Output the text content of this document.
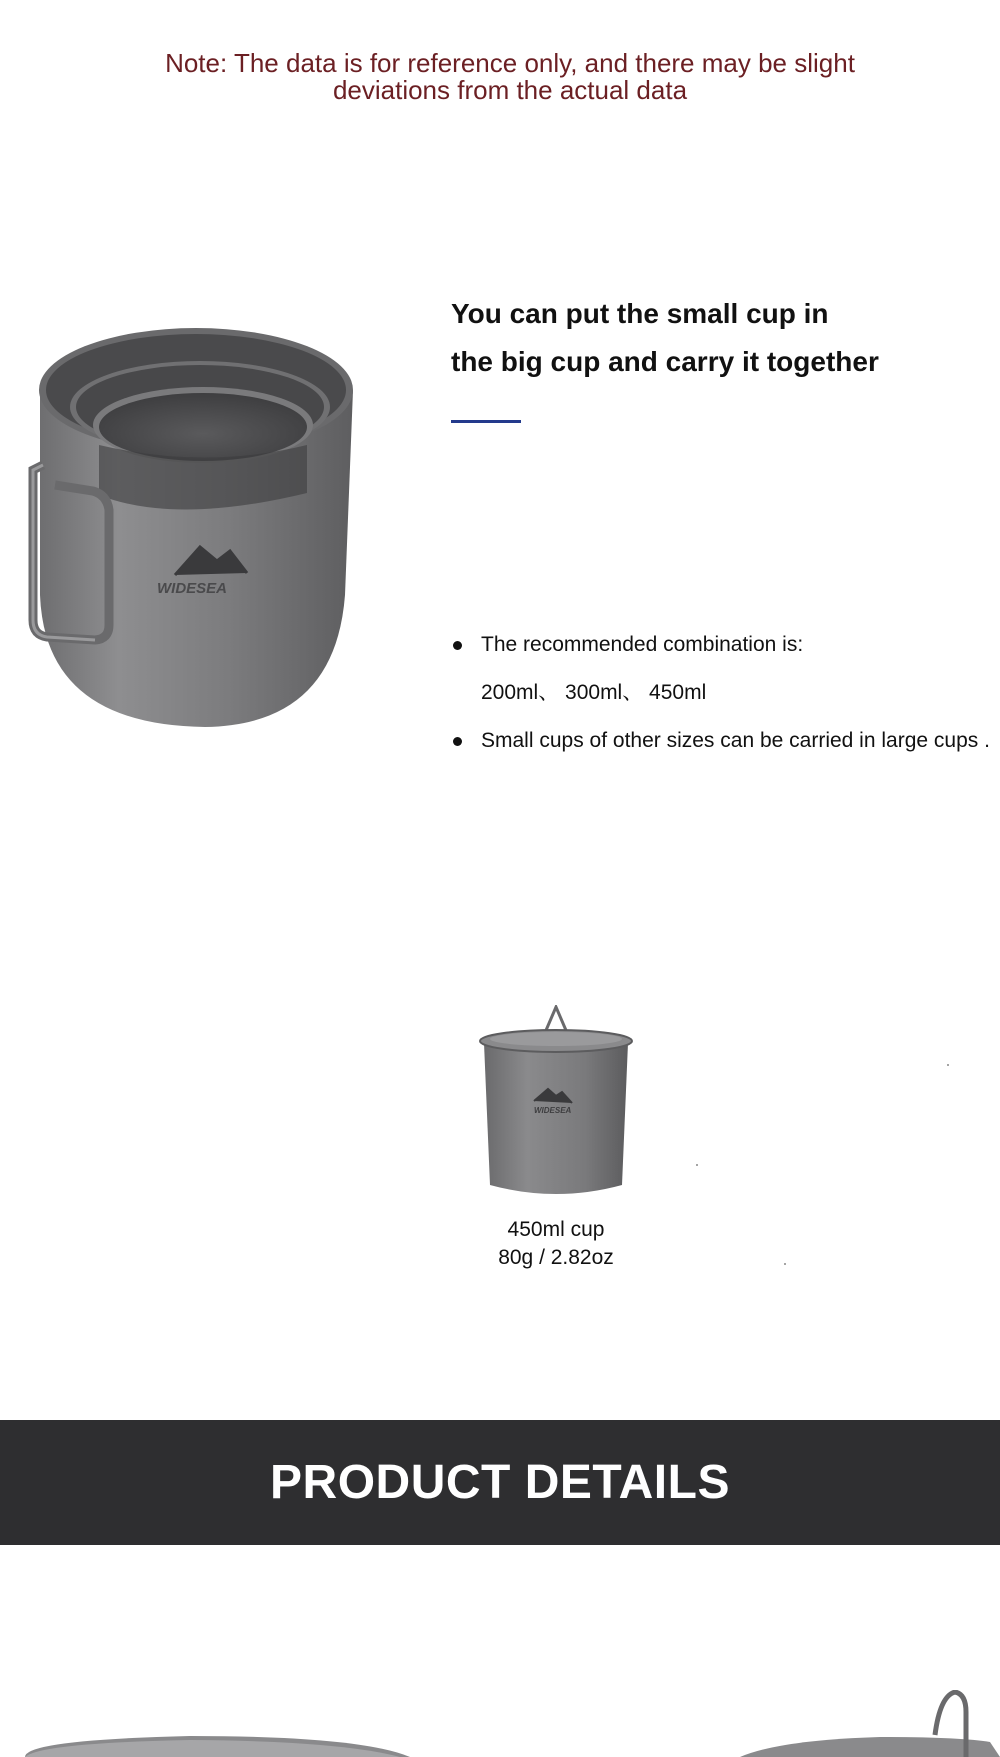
Note: The data is for reference only, and there may be slight
deviations from the actual data
WIDESEA
You can put the small cup in
the big cup and carry it together
The recommended combination is:
200ml、 300ml、 450ml
Small cups of other sizes can be carried in large cups .
WIDESEA
450ml cup
80g / 2.82oz
PRODUCT DETAILS
